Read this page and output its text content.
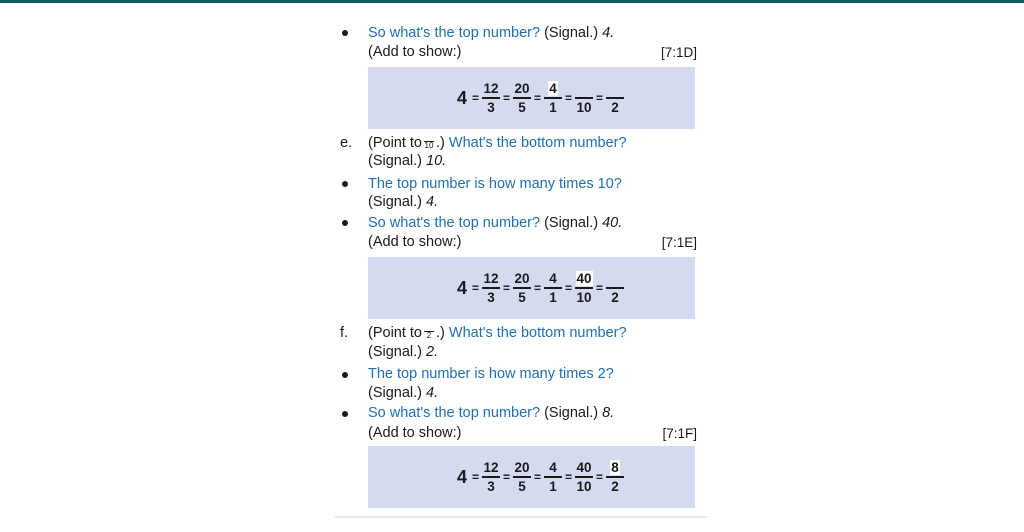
So what's the top number? (Signal.) 4.
(Add to show:)	[7:1D]
$4 = \frac{12}{3} = \frac{20}{5} = \frac{4}{1}$ =
10
=
2
e. (Point to 10 .) What's the bottom number?
(Signal.) 10.
The top number is how many times 10?
(Signal.) 4.
So what's the top number? (Signal.) 40.
(Add to show:)	[7:1E]
$4 = \frac{12}{3} = \frac{20}{5} = \frac{4}{1} = \frac{40}{10}$ =
2
f. (Point to 2 .) What's the bottom number?
(Signal.) 2.
The top number is how many times 2?
(Signal.) 4.
So what's the top number? (Signal.) 8.
(Add to show:)	[7:1F]
$4 = \frac{12}{3} = \frac{20}{5} = \frac{4}{1} = \frac{40}{10} = \frac{8}{2}$
